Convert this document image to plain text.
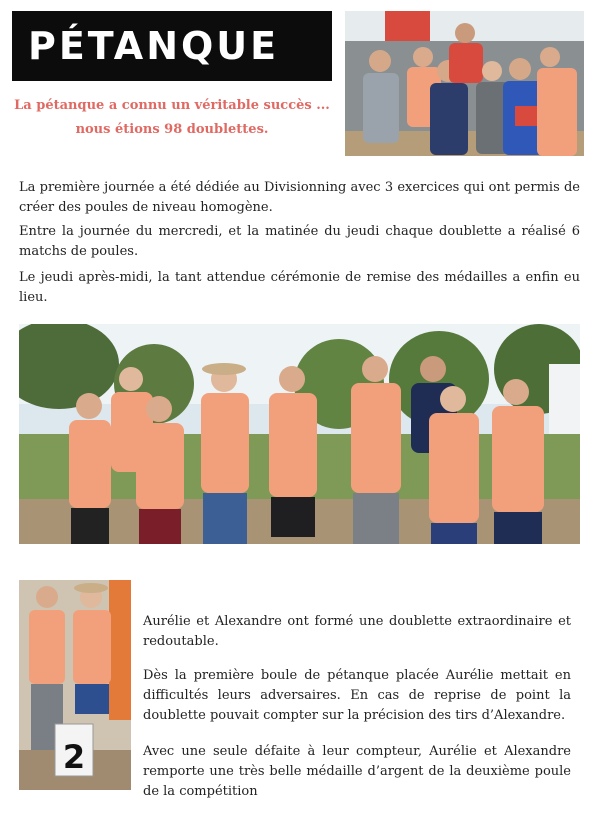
PÉTANQUE
La pétanque a connu un véritable succès ...
nous étions 98 doublettes.

La première journée a été dédiée au Divisionning avec 3 exercices qui ont permis de créer des poules de niveau homogène.

Entre la journée du mercredi, et la matinée du jeudi chaque doublette a réalisé 6 matchs de poules.

Le jeudi après-midi, la tant attendue cérémonie de remise des médailles a enfin eu lieu.

2

Aurélie et Alexandre ont formé une doublette extraordinaire et redoutable.

Dès la première boule de pétanque placée Aurélie mettait en difficultés leurs adversaires. En cas de reprise de point la doublette pouvait compter sur la précision des tirs d’Alexandre.

Avec une seule défaite à leur compteur, Aurélie et Alexandre remporte une très belle médaille d’argent de la deuxième poule de la compétition
